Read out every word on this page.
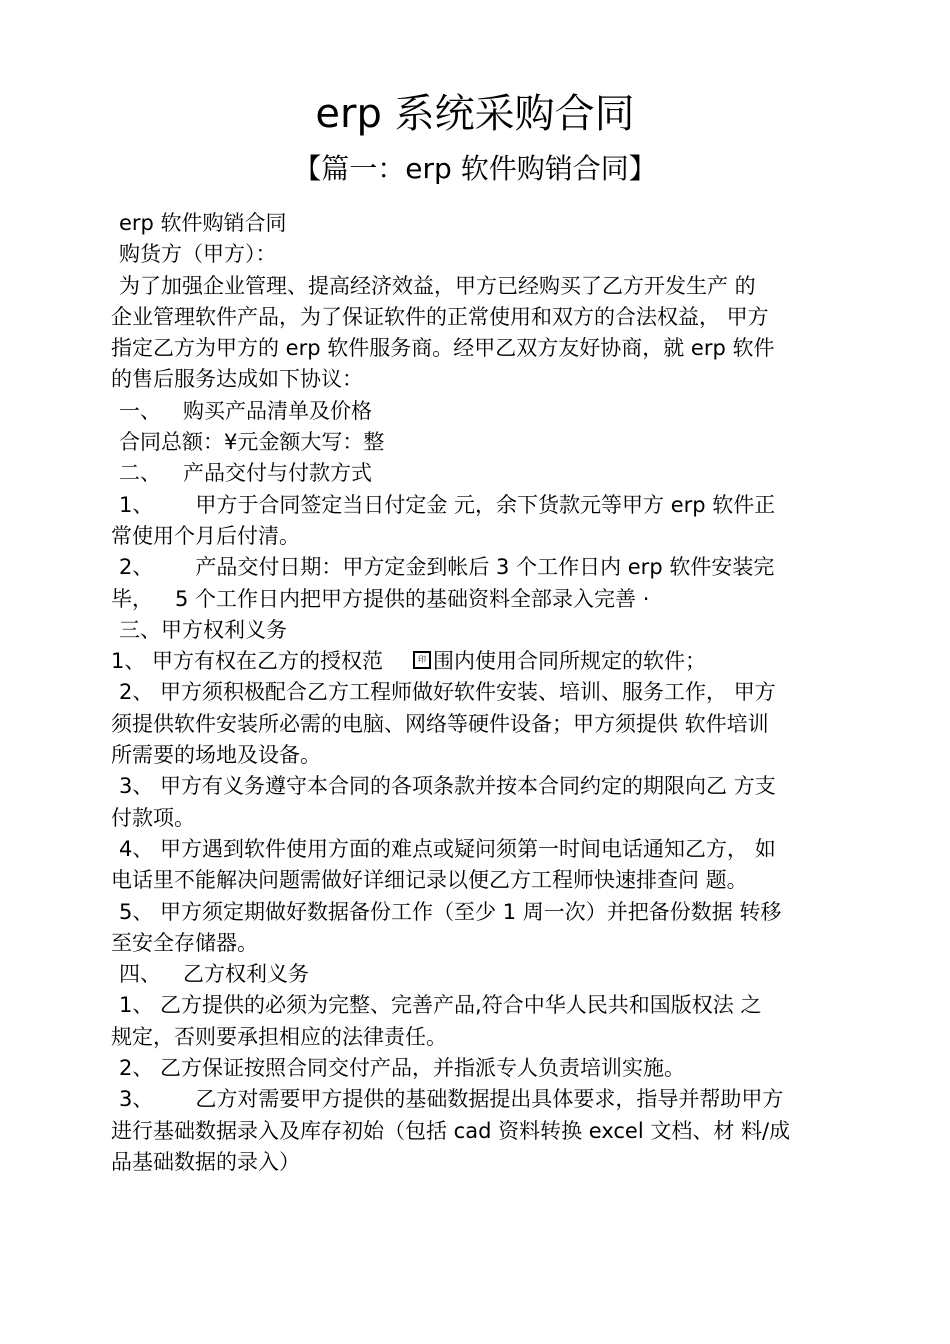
erp 系统采购合同
【篇一：erp 软件购销合同】

erp 软件购销合同

购货方（甲方）：

为了加强企业管理、提高经济效益，甲方已经购买了乙方开发生产 的

企业管理软件产品，为了保证软件的正常使用和双方的合法权益， 甲方

指定乙方为甲方的 erp 软件服务商。经甲乙双方友好协商，就 erp 软件

的售后服务达成如下协议：

一、 购买产品清单及价格

合同总额：¥元金额大写：整

二、 产品交付与付款方式

1、 甲方于合同签定当日付定金 元，余下货款元等甲方 erp 软件正

常使用个月后付清。

2、 产品交付日期：甲方定金到帐后 3 个工作日内 erp 软件安装完

毕， 5 个工作日内把甲方提供的基础资料全部录入完善 ·

三、甲方权利义务

1、 甲方有权在乙方的授权范	印 围内使用合同所规定的软件；

2、 甲方须积极配合乙方工程师做好软件安装、培训、服务工作， 甲方

须提供软件安装所必需的电脑、网络等硬件设备；甲方须提供 软件培训

所需要的场地及设备。

3、 甲方有义务遵守本合同的各项条款并按本合同约定的期限向乙 方支

付款项。

4、 甲方遇到软件使用方面的难点或疑问须第一时间电话通知乙方， 如

电话里不能解决问题需做好详细记录以便乙方工程师快速排查问 题。

5、 甲方须定期做好数据备份工作（至少 1 周一次）并把备份数据 转移

至安全存储器。

四、 乙方权利义务

1、 乙方提供的必须为完整、完善产品,符合中华人民共和国版权法 之

规定，否则要承担相应的法律责任。

2、 乙方保证按照合同交付产品，并指派专人负责培训实施。

3、 乙方对需要甲方提供的基础数据提出具体要求，指导并帮助甲方

进行基础数据录入及库存初始（包括 cad 资料转换 excel 文档、材 料/成

品基础数据的录入）
